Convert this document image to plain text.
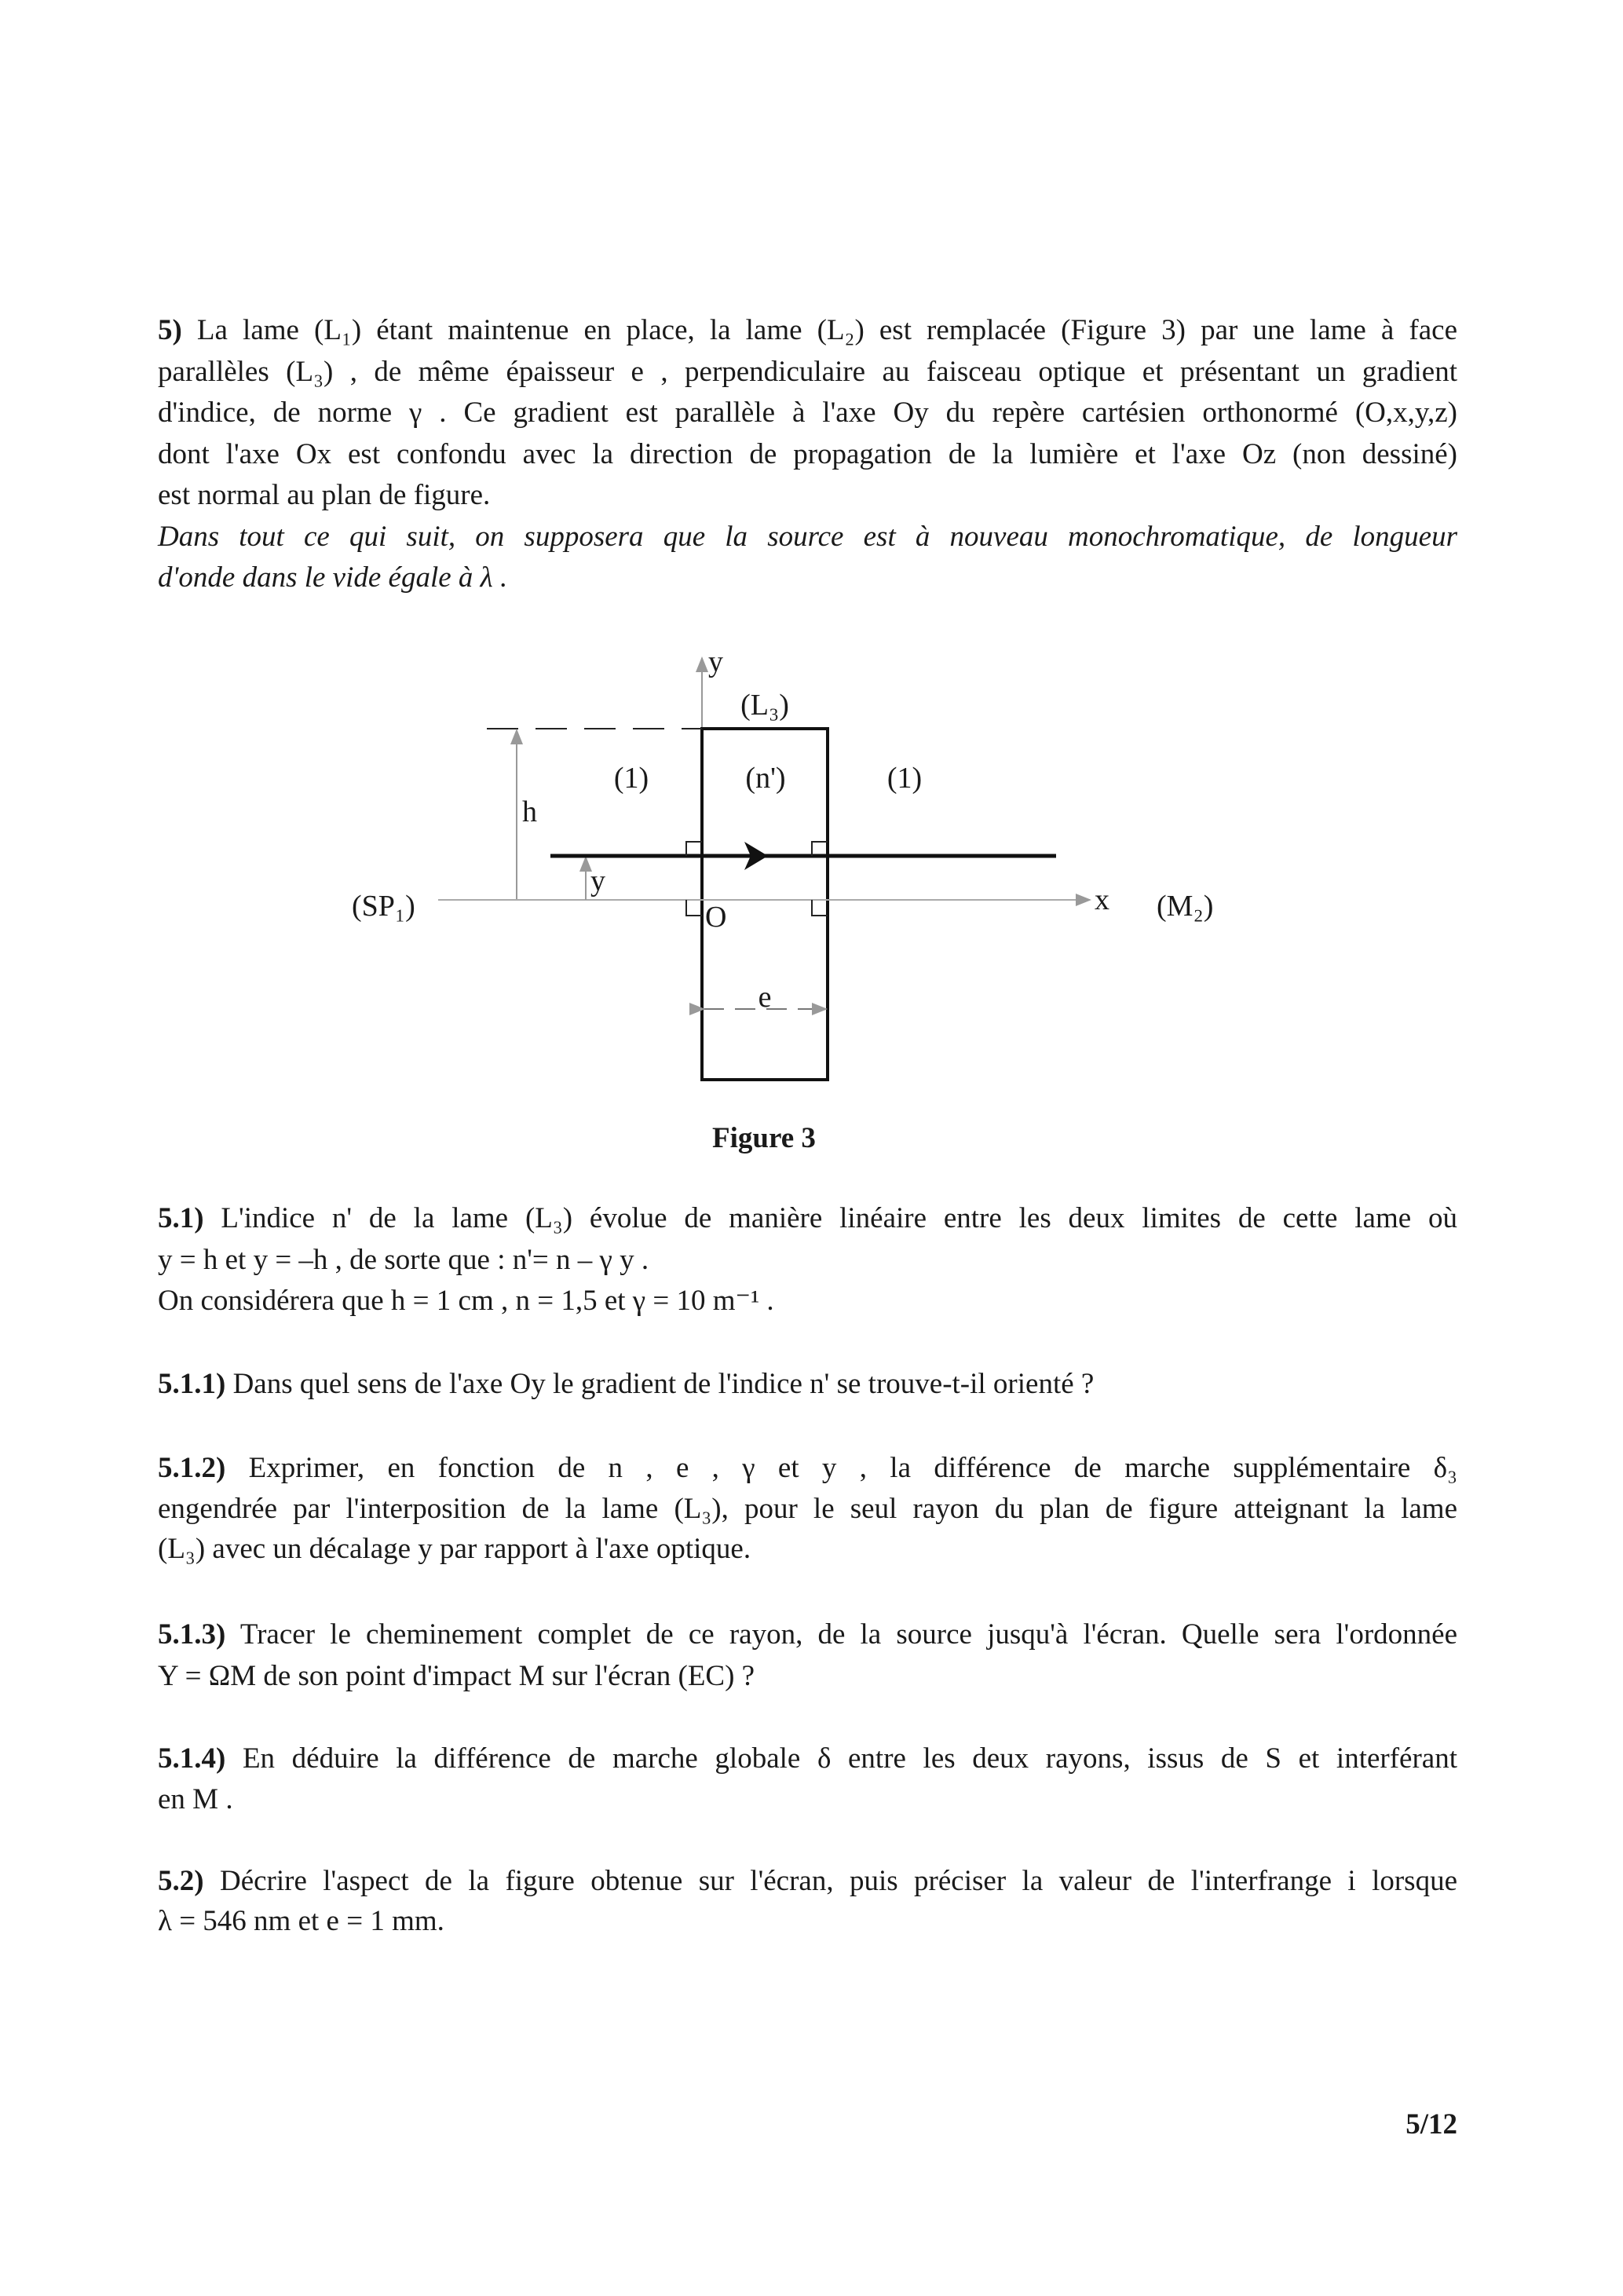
5) La lame (L₁) étant maintenue en place, la lame (L₂) est remplacée (Figure 3) par une lame à face
parallèles (L₃) , de même épaisseur e , perpendiculaire au faisceau optique et présentant un gradient
d'indice, de norme γ . Ce gradient est parallèle à l'axe Oy du repère cartésien orthonormé (O,x,y,z)
dont l'axe Ox est confondu avec la direction de propagation de la lumière et l'axe Oz (non dessiné)
est normal au plan de figure.
Dans tout ce qui suit, on supposera que la source est à nouveau monochromatique, de longueur
d'onde dans le vide égale à λ .
y
(L₃)
(1)	(n')	(1)
h
y
O
x
(SP₁)	(M₂)
e
Figure 3
5.1) L'indice n' de la lame (L₃) évolue de manière linéaire entre les deux limites de cette lame où
y = h et y = –h , de sorte que : n'= n – γ y .
On considérera que h = 1 cm , n = 1,5 et γ = 10 m⁻¹ .
5.1.1) Dans quel sens de l'axe Oy le gradient de l'indice n' se trouve-t-il orienté ?
5.1.2) Exprimer, en fonction de n , e , γ et y , la différence de marche supplémentaire δ₃
engendrée par l'interposition de la lame (L₃), pour le seul rayon du plan de figure atteignant la lame
(L₃) avec un décalage y par rapport à l'axe optique.
5.1.3) Tracer le cheminement complet de ce rayon, de la source jusqu'à l'écran. Quelle sera l'ordonnée
Y = ΩM de son point d'impact M sur l'écran (EC) ?
5.1.4) En déduire la différence de marche globale δ entre les deux rayons, issus de S et interférant
en M .
5.2) Décrire l'aspect de la figure obtenue sur l'écran, puis préciser la valeur de l'interfrange i lorsque
λ = 546 nm et e = 1 mm.
5/12
